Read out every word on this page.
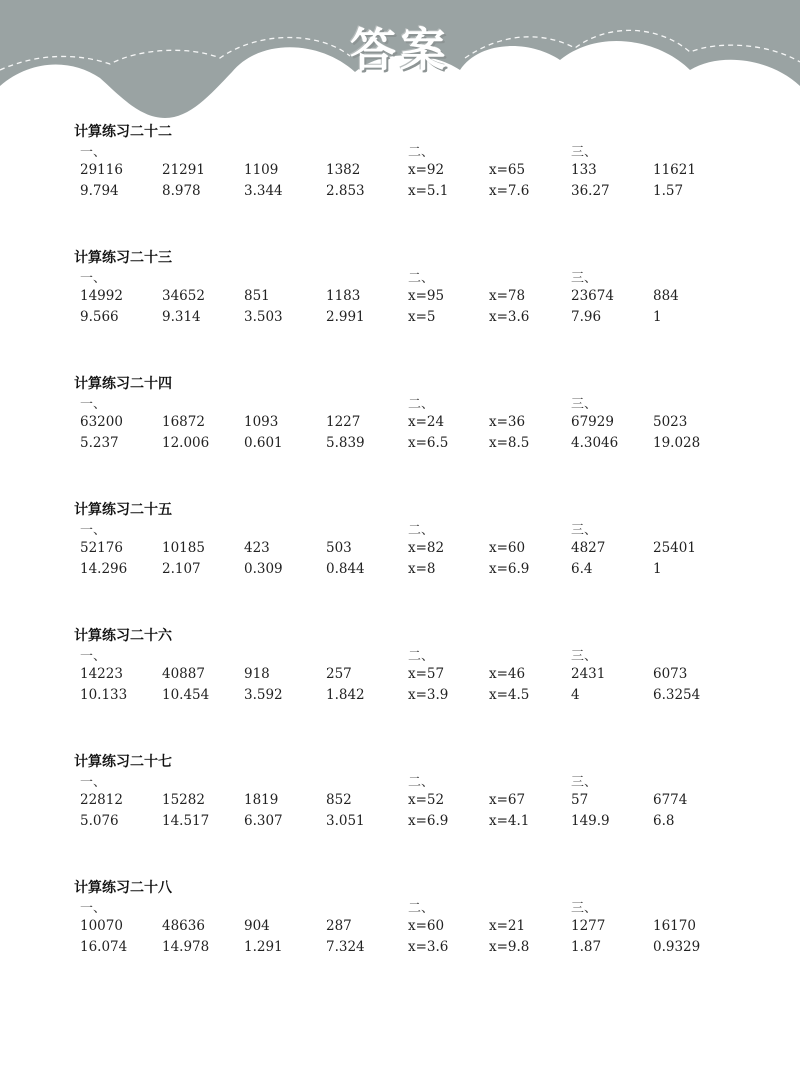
答案
计算练习二十二
一、	二、	三、
29116	21291	1109	1382	x=92	x=65	133	11621
9.794	8.978	3.344	2.853	x=5.1	x=7.6	36.27	1.57
计算练习二十三
一、	二、	三、
14992	34652	851	1183	x=95	x=78	23674	884
9.566	9.314	3.503	2.991	x=5	x=3.6	7.96	1
计算练习二十四
一、	二、	三、
63200	16872	1093	1227	x=24	x=36	67929	5023
5.237	12.006	0.601	5.839	x=6.5	x=8.5	4.3046	19.028
计算练习二十五
一、	二、	三、
52176	10185	423	503	x=82	x=60	4827	25401
14.296	2.107	0.309	0.844	x=8	x=6.9	6.4	1
计算练习二十六
一、	二、	三、
14223	40887	918	257	x=57	x=46	2431	6073
10.133	10.454	3.592	1.842	x=3.9	x=4.5	4	6.3254
计算练习二十七
一、	二、	三、
22812	15282	1819	852	x=52	x=67	57	6774
5.076	14.517	6.307	3.051	x=6.9	x=4.1	149.9	6.8
计算练习二十八
一、	二、	三、
10070	48636	904	287	x=60	x=21	1277	16170
16.074	14.978	1.291	7.324	x=3.6	x=9.8	1.87	0.9329
